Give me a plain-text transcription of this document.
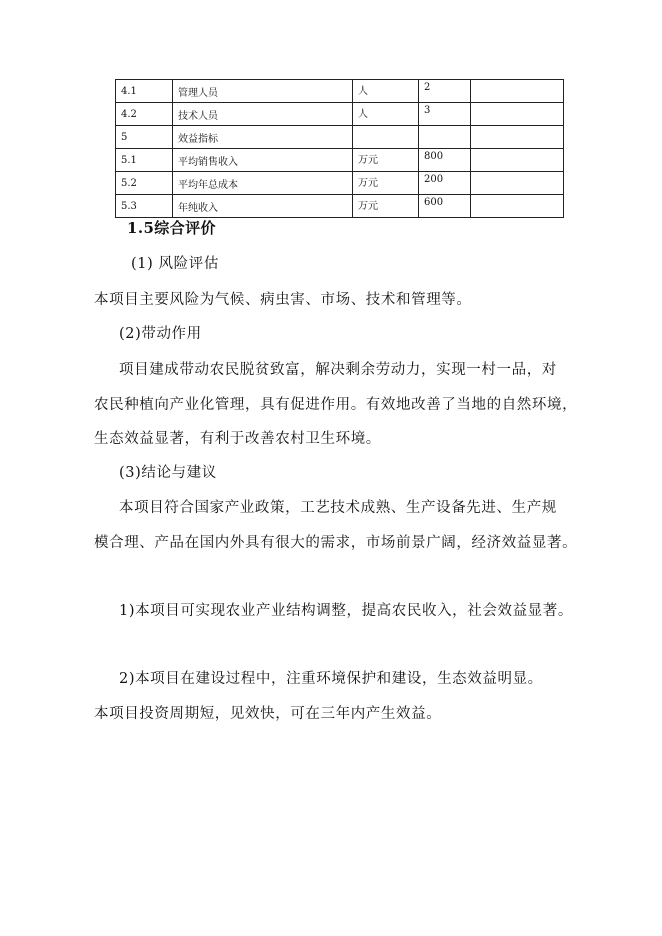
4.1	管理人员	人	2	
4.2	技术人员	人	3	
5	效益指标			
5.1	平均销售收入	万元	800	
5.2	平均年总成本	万元	200	
5.3	年纯收入	万元	600	
1.5综合评价
(1) 风险评估
本项目主要风险为气候、病虫害、市场、技术和管理等。
(2)带动作用
项目建成带动农民脱贫致富，解决剩余劳动力，实现一村一品，对
农民种植向产业化管理，具有促进作用。有效地改善了当地的自然环境，
生态效益显著，有利于改善农村卫生环境。
(3)结论与建议
本项目符合国家产业政策，工艺技术成熟、生产设备先进、生产规
模合理、产品在国内外具有很大的需求，市场前景广阔，经济效益显著。
1)本项目可实现农业产业结构调整，提高农民收入，社会效益显著。
2)本项目在建设过程中，注重环境保护和建设，生态效益明显。
本项目投资周期短，见效快，可在三年内产生效益。
